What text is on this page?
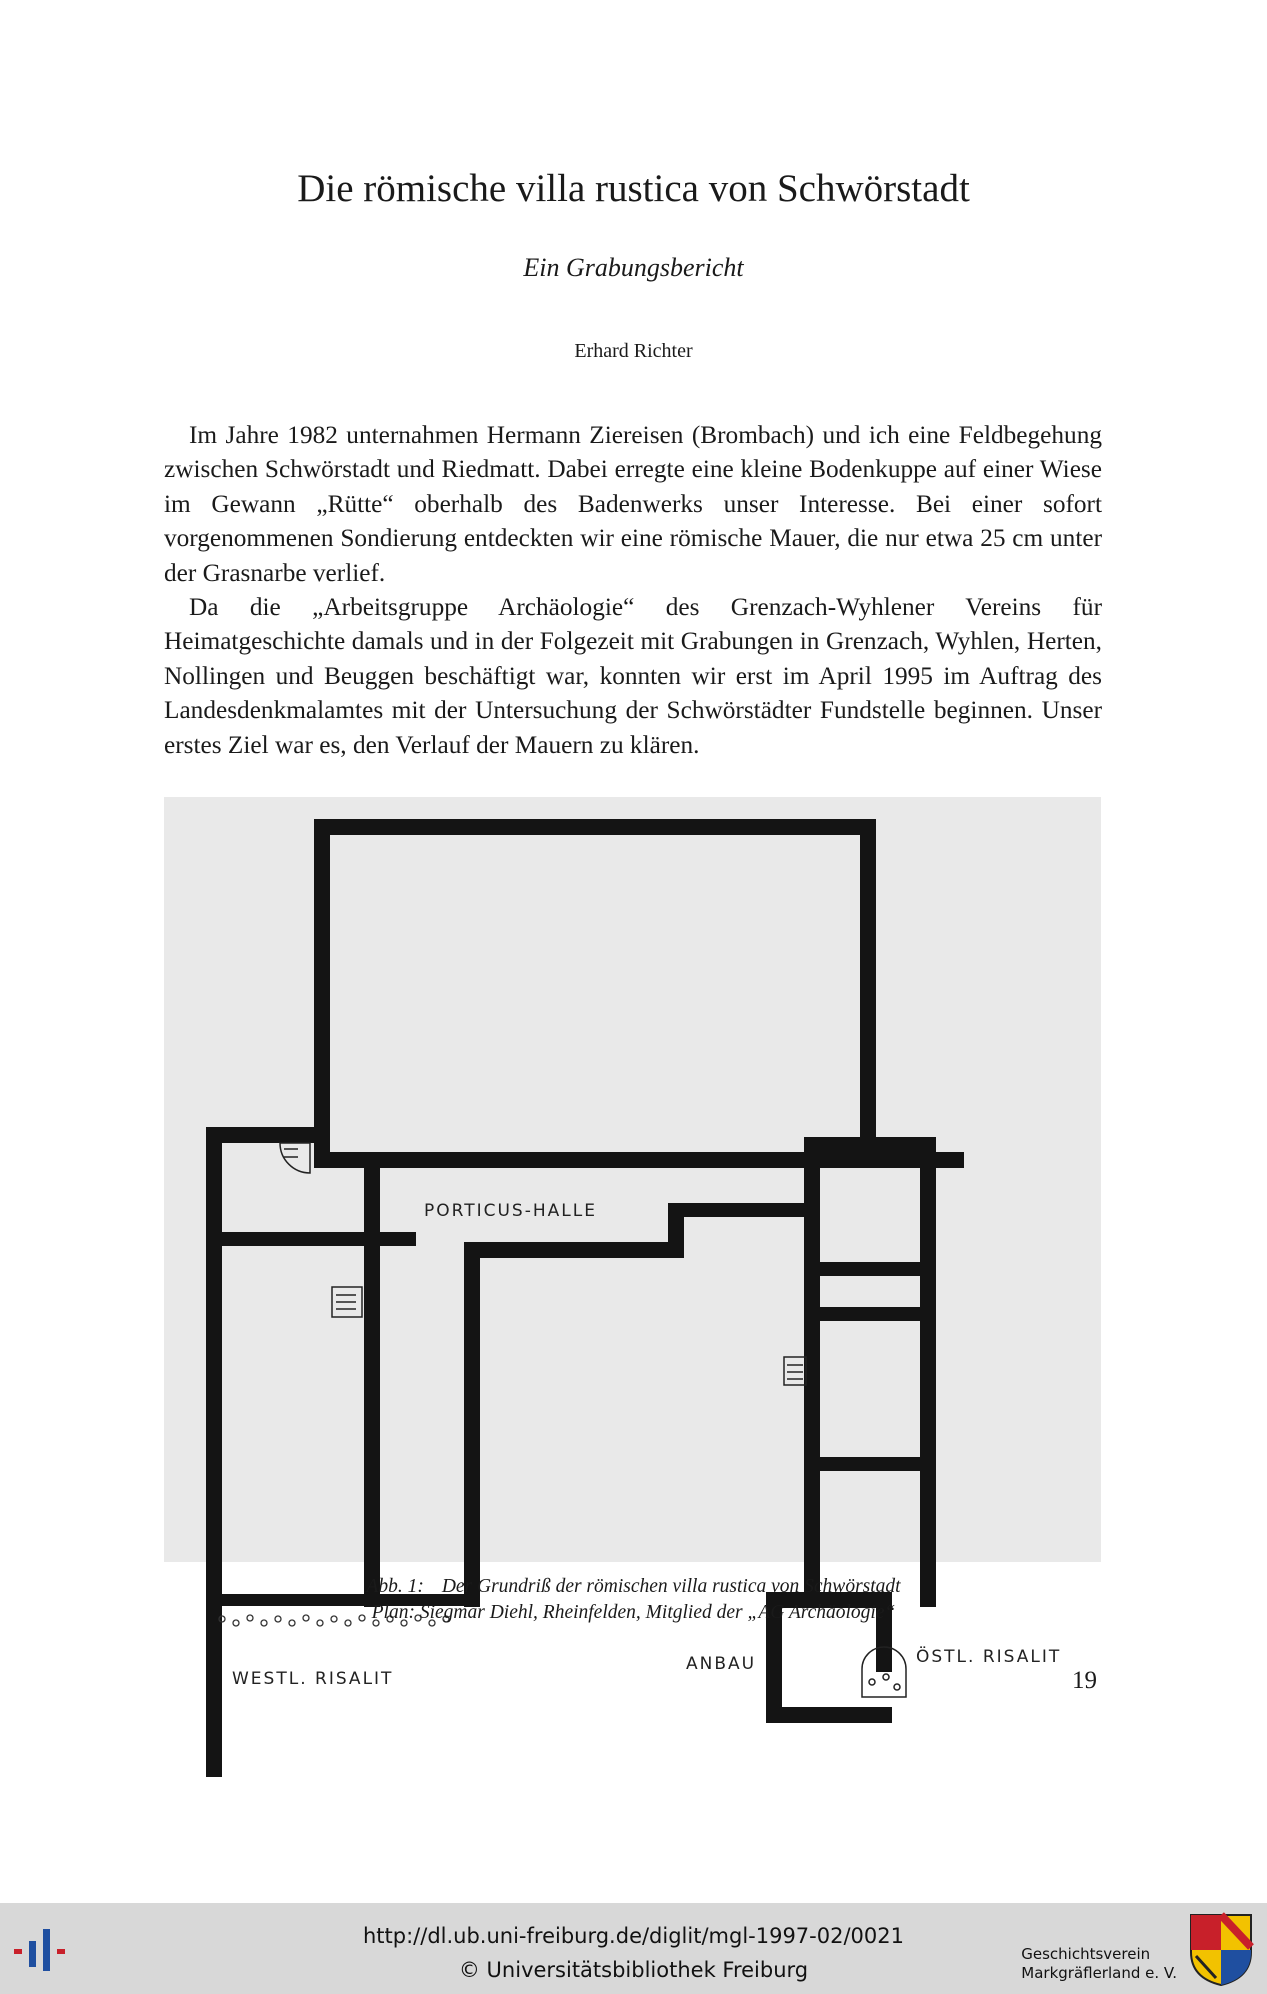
Die römische villa rustica von Schwörstadt
Ein Grabungsbericht
Erhard Richter

Im Jahre 1982 unternahmen Hermann Ziereisen (Brombach) und ich eine Feldbegehung zwischen Schwörstadt und Riedmatt. Dabei erregte eine kleine Bodenkuppe auf einer Wiese im Gewann „Rütte“ oberhalb des Badenwerks unser Interesse. Bei einer sofort vorgenommenen Sondierung entdeckten wir eine römische Mauer, die nur etwa 25 cm unter der Grasnarbe verlief.

Da die „Arbeitsgruppe Archäologie“ des Grenzach-Wyhlener Vereins für Heimatgeschichte damals und in der Folgezeit mit Grabungen in Grenzach, Wyhlen, Herten, Nollingen und Beuggen beschäftigt war, konnten wir erst im April 1995 im Auftrag des Landesdenkmalamtes mit der Untersuchung der Schwörstädter Fundstelle beginnen. Unser erstes Ziel war es, den Verlauf der Mauern zu klären.

PORTICUS-HALLE
WESTL. RISALIT
ANBAU	ÖSTL. RISALIT
Abb. 1: Der Grundriß der römischen villa rustica von Schwörstadt
Plan: Siegmar Diehl, Rheinfelden, Mitglied der „AG Archäologie“
19
http://dl.ub.uni-freiburg.de/diglit/mgl-1997-02/0021
© Universitätsbibliothek Freiburg
Geschichtsverein
Markgräflerland e. V.
